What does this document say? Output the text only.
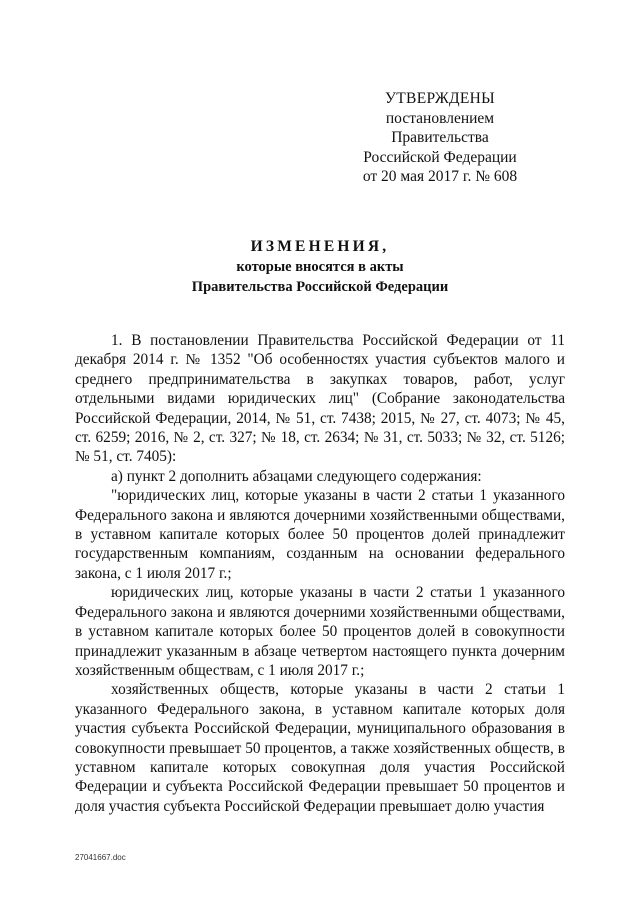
УТВЕРЖДЕНЫ
постановлением Правительства
Российской Федерации
от 20 мая 2017 г. № 608
ИЗМЕНЕНИЯ,
которые вносятся в акты
Правительства Российской Федерации

1. В постановлении Правительства Российской Федерации от 11 декабря 2014 г. № 1352 "Об особенностях участия субъектов малого и среднего предпринимательства в закупках товаров, работ, услуг отдельными видами юридических лиц" (Собрание законодательства Российской Федерации, 2014, № 51, ст. 7438; 2015, № 27, ст. 4073; № 45, ст. 6259; 2016, № 2, ст. 327; № 18, ст. 2634; № 31, ст. 5033; № 32, ст. 5126; № 51, ст. 7405):

а) пункт 2 дополнить абзацами следующего содержания:

"юридических лиц, которые указаны в части 2 статьи 1 указанного Федерального закона и являются дочерними хозяйственными обществами, в уставном капитале которых более 50 процентов долей принадлежит государственным компаниям, созданным на основании федерального закона, с 1 июля 2017 г.;

юридических лиц, которые указаны в части 2 статьи 1 указанного Федерального закона и являются дочерними хозяйственными обществами, в уставном капитале которых более 50 процентов долей в совокупности принадлежит указанным в абзаце четвертом настоящего пункта дочерним хозяйственным обществам, с 1 июля 2017 г.;

хозяйственных обществ, которые указаны в части 2 статьи 1 указанного Федерального закона, в уставном капитале которых доля участия субъекта Российской Федерации, муниципального образования в совокупности превышает 50 процентов, а также хозяйственных обществ, в уставном капитале которых совокупная доля участия Российской Федерации и субъекта Российской Федерации превышает 50 процентов и доля участия субъекта Российской Федерации превышает долю участия

27041667.doc
